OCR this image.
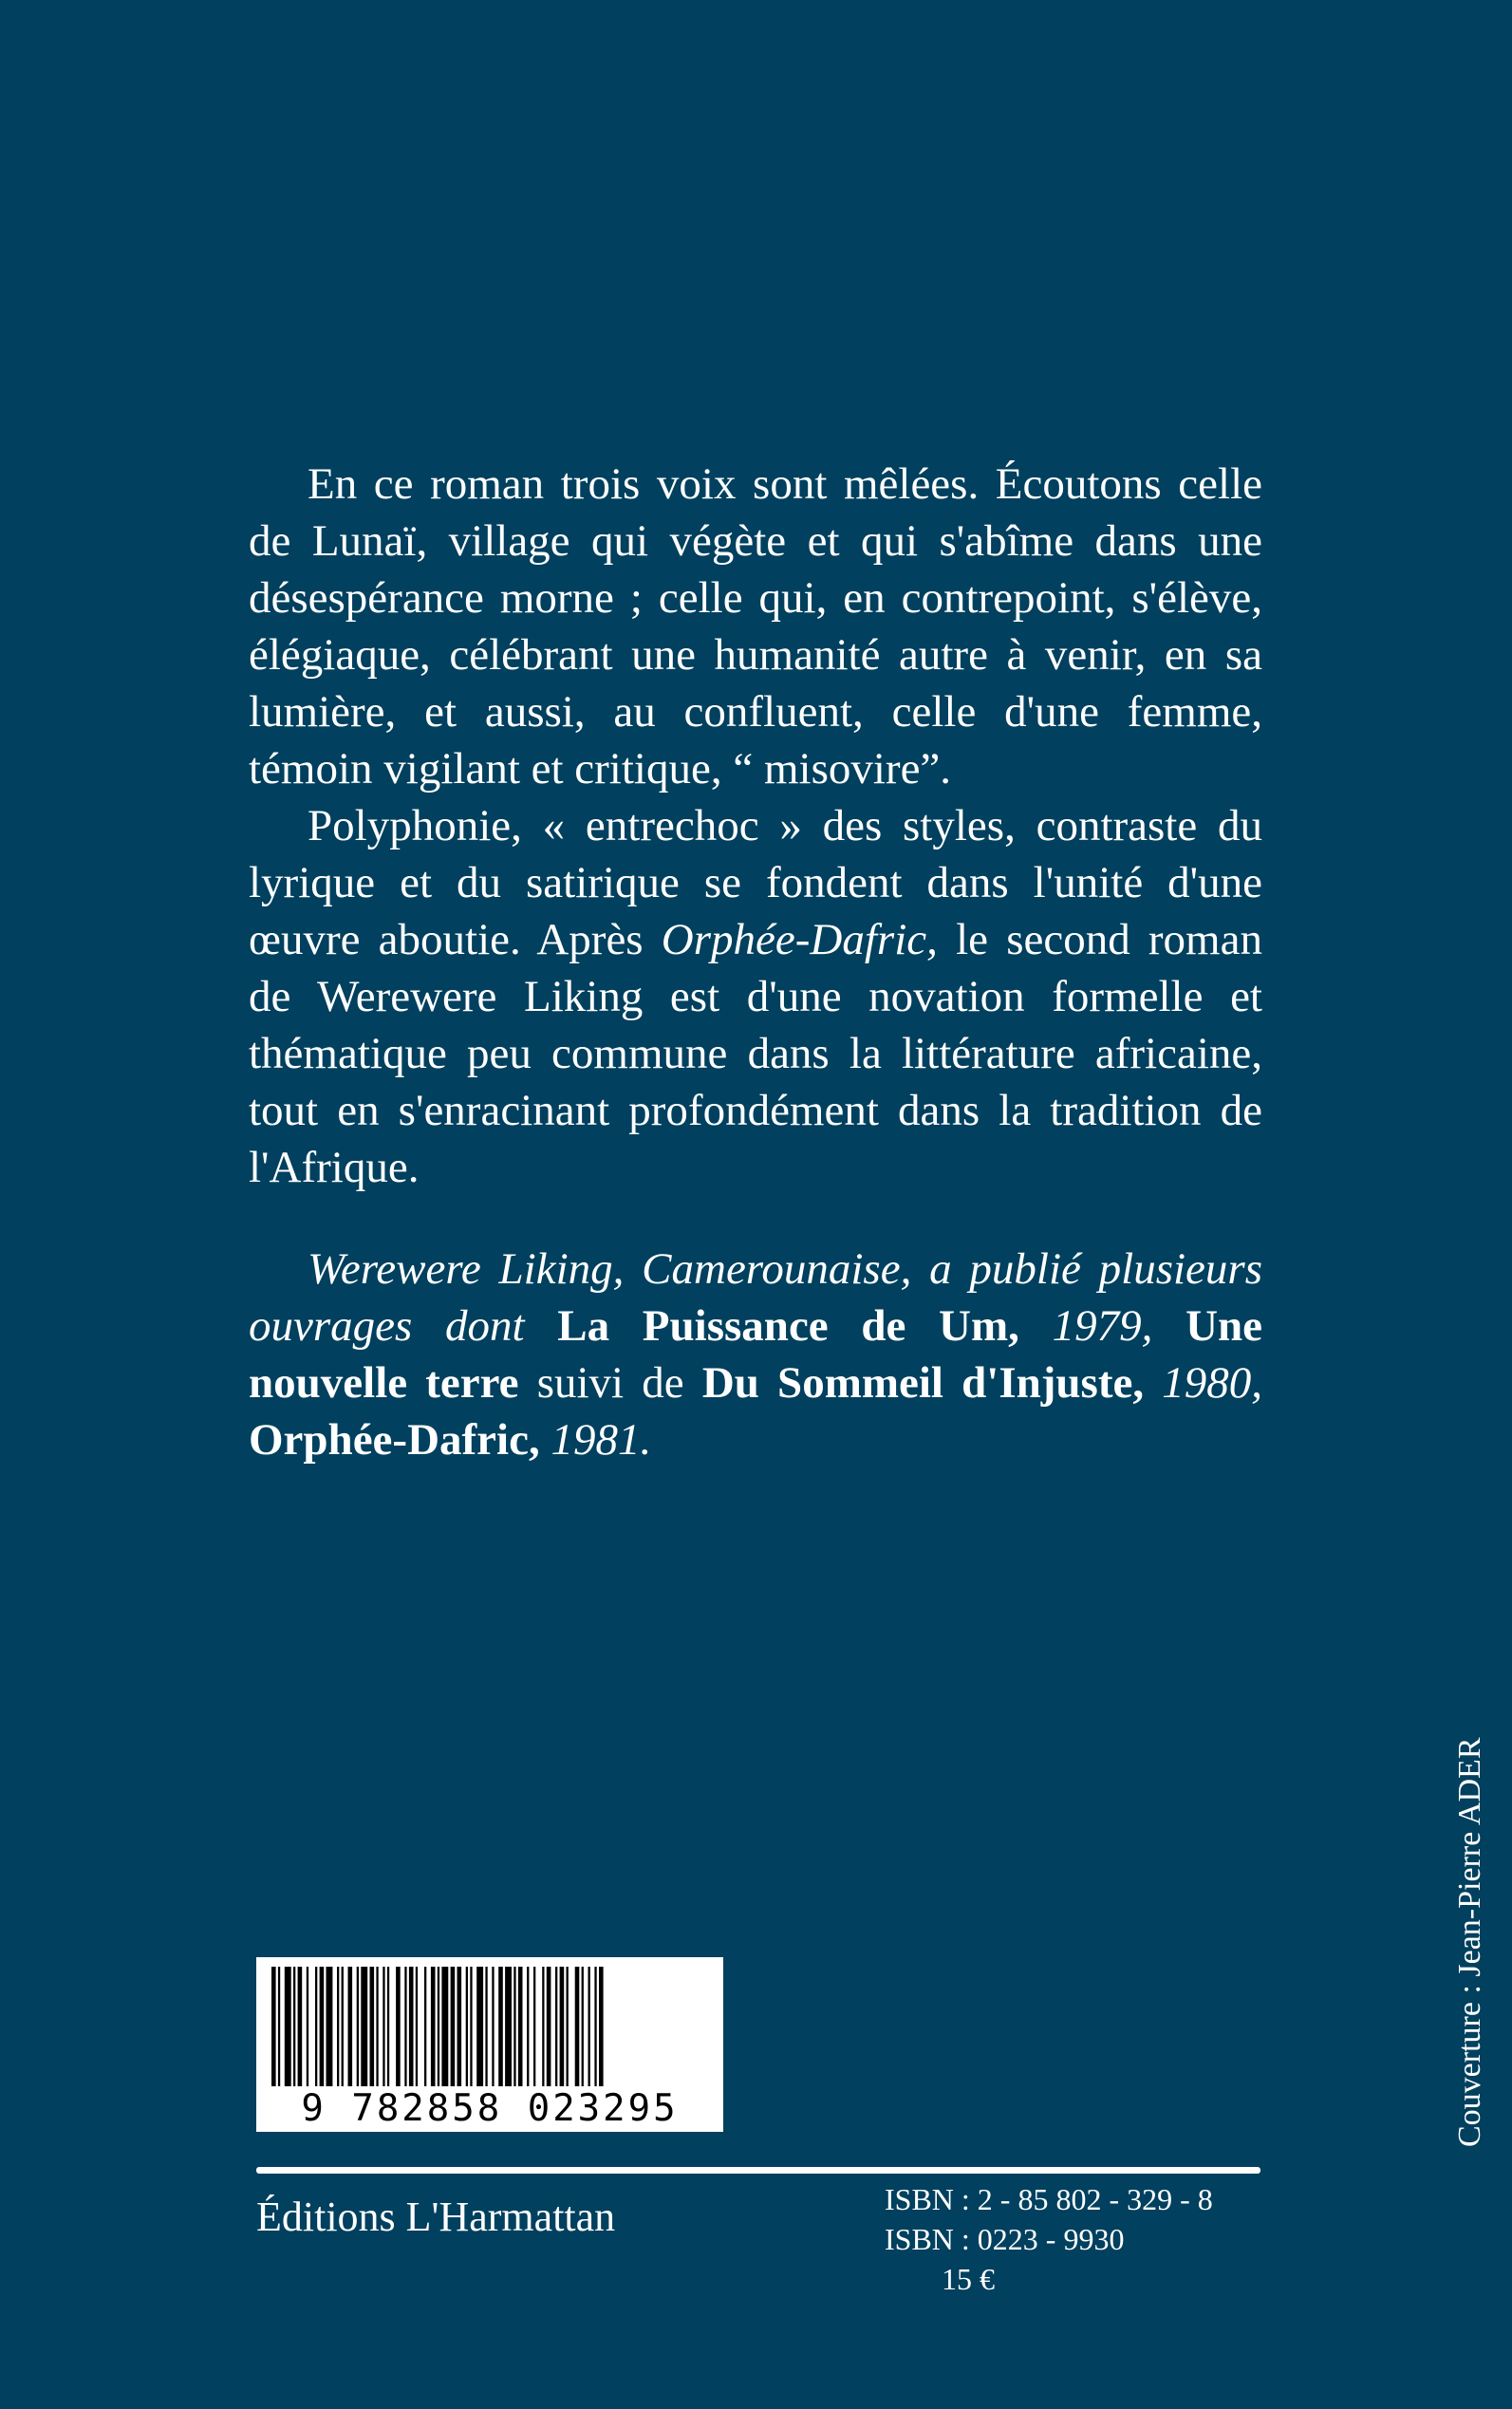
En ce roman trois voix sont mêlées. Écoutons celle de Lunaï, village qui végète et qui s'abîme dans une désespérance morne ; celle qui, en contrepoint, s'élève, élégiaque, célébrant une humanité autre à venir, en sa lumière, et aussi, au confluent, celle d'une femme, témoin vigilant et critique, “ misovire”.

Polyphonie, « entrechoc » des styles, contraste du lyrique et du satirique se fondent dans l'unité d'une œuvre aboutie. Après Orphée-Dafric, le second roman de Werewere Liking est d'une novation formelle et thématique peu commune dans la littérature africaine, tout en s'enracinant profondément dans la tradition de l'Afrique.

Werewere Liking, Camerounaise, a publié plusieurs ouvrages dont La Puissance de Um, 1979, Une nouvelle terre suivi de Du Sommeil d'Injuste, 1980, Orphée-Dafric, 1981.

Couverture : Jean-Pierre ADER
9 782858 023295
Éditions L'Harmattan	ISBN : 2 - 85 802 - 329 - 8
ISBN : 0223 - 9930
15 €
